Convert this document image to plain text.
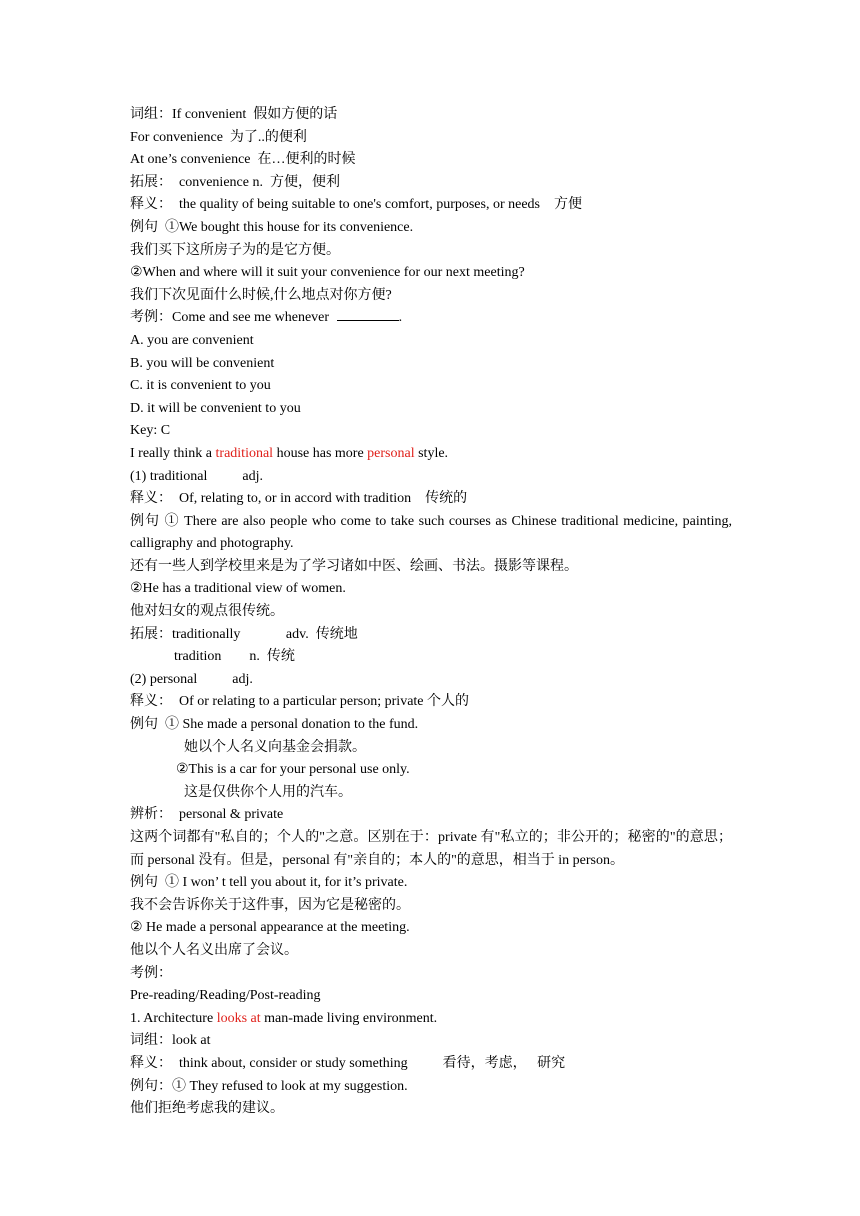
词组：If convenient  假如方便的话
For convenience  为了..的便利
At one’s convenience  在…便利的时候
拓展：  convenience n.  方便，便利
释义：  the quality of being suitable to one's comfort, purposes, or needs    方便
例句  ①We bought this house for its convenience.
我们买下这所房子为的是它方便。
②When and where will it suit your convenience for our next meeting?
我们下次见面什么时候,什么地点对你方便?
考例：Come and see me whenever	.
A. you are convenient
B. you will be convenient
C. it is convenient to you
D. it will be convenient to you
Key: C
I really think a traditional house has more personal style.
(1) traditional          adj.
释义：  Of, relating to, or in accord with tradition    传统的
例句 ① There are also people who come to take such courses as Chinese traditional medicine, painting, calligraphy and photography.
还有一些人到学校里来是为了学习诸如中医、绘画、书法。摄影等课程。
②He has a traditional view of women.
他对妇女的观点很传统。
拓展：traditionally             adv.  传统地
tradition        n.  传统
(2) personal          adj.
释义：  Of or relating to a particular person; private 个人的
例句  ① She made a personal donation to the fund.
她以个人名义向基金会捐款。
②This is a car for your personal use only.
这是仅供你个人用的汽车。
辨析：  personal & private
这两个词都有"私自的；个人的"之意。区别在于：private 有"私立的；非公开的；秘密的"的意思；而 personal 没有。但是，personal 有"亲自的；本人的"的意思，相当于 in person。
例句  ① I won’ t tell you about it, for it’s private.
我不会告诉你关于这件事，因为它是秘密的。
② He made a personal appearance at the meeting.
他以个人名义出席了会议。
考例：
Pre-reading/Reading/Post-reading
1. Architecture looks at man-made living environment.
词组：look at
释义：  think about, consider or study something          看待，考虑，   研究
例句：① They refused to look at my suggestion.
他们拒绝考虑我的建议。
